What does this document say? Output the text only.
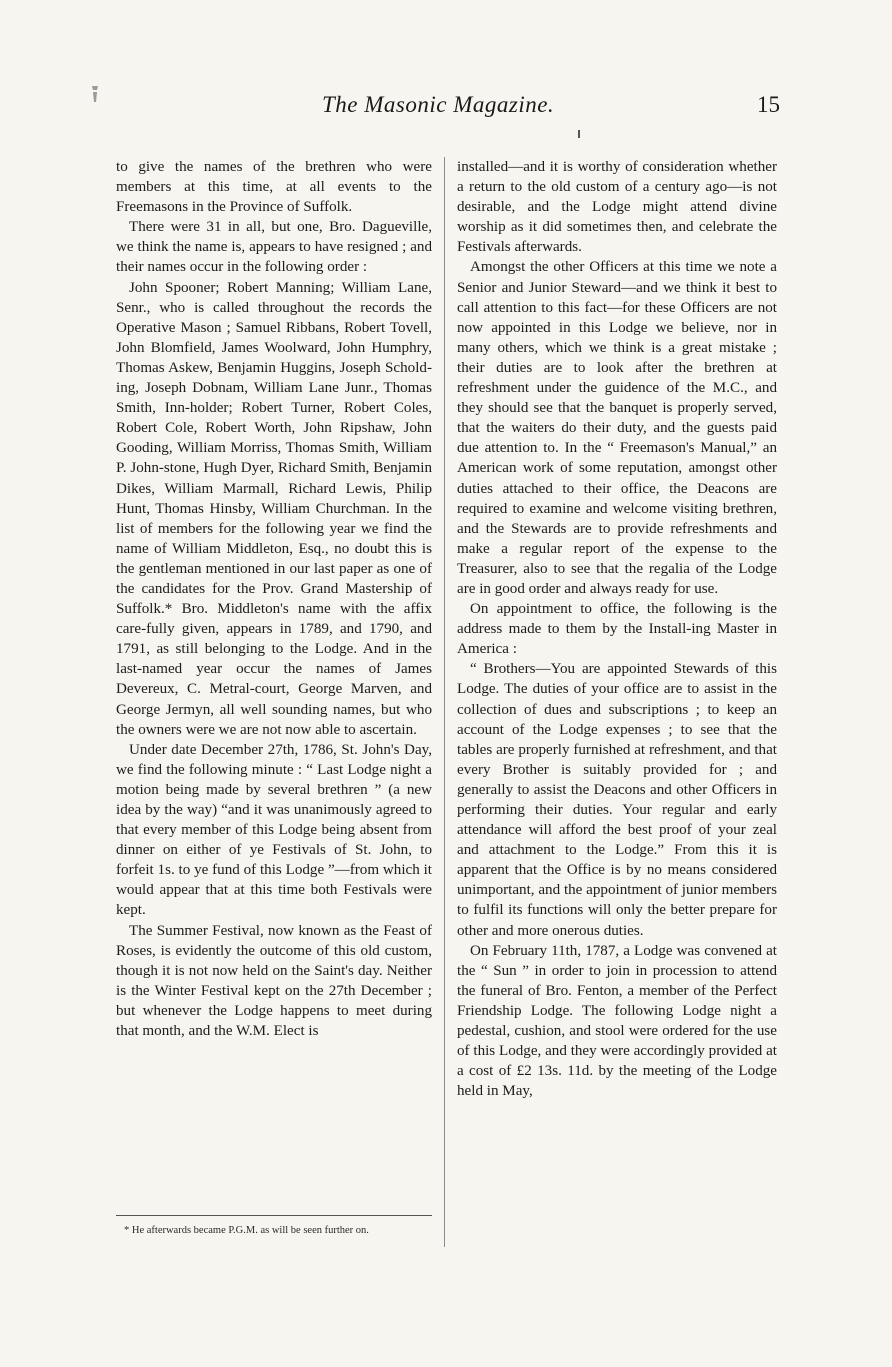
The Masonic Magazine.	15

to give the names of the brethren who were members at this time, at all events to the Freemasons in the Province of Suffolk.

There were 31 in all, but one, Bro. Dagueville, we think the name is, appears to have resigned ; and their names occur in the following order :

John Spooner; Robert Manning; William Lane, Senr., who is called throughout the records the Operative Mason ; Samuel Ribbans, Robert Tovell, John Blomfield, James Woolward, John Humphry, Thomas Askew, Benjamin Huggins, Joseph Schold-ing, Joseph Dobnam, William Lane Junr., Thomas Smith, Inn-holder; Robert Turner, Robert Coles, Robert Cole, Robert Worth, John Ripshaw, John Gooding, William Morriss, Thomas Smith, William P. John-stone, Hugh Dyer, Richard Smith, Benjamin Dikes, William Marmall, Richard Lewis, Philip Hunt, Thomas Hinsby, William Churchman. In the list of members for the following year we find the name of William Middleton, Esq., no doubt this is the gentleman mentioned in our last paper as one of the candidates for the Prov. Grand Mastership of Suffolk.* Bro. Middleton's name with the affix care-fully given, appears in 1789, and 1790, and 1791, as still belonging to the Lodge. And in the last-named year occur the names of James Devereux, C. Metral-court, George Marven, and George Jermyn, all well sounding names, but who the owners were we are not now able to ascertain.

Under date December 27th, 1786, St. John's Day, we find the following minute : “ Last Lodge night a motion being made by several brethren ” (a new idea by the way) “and it was unanimously agreed to that every member of this Lodge being absent from dinner on either of ye Festivals of St. John, to forfeit 1s. to ye fund of this Lodge ”—from which it would appear that at this time both Festivals were kept.

The Summer Festival, now known as the Feast of Roses, is evidently the outcome of this old custom, though it is not now held on the Saint's day. Neither is the Winter Festival kept on the 27th December ; but whenever the Lodge happens to meet during that month, and the W.M. Elect is

installed—and it is worthy of consideration whether a return to the old custom of a century ago—is not desirable, and the Lodge might attend divine worship as it did sometimes then, and celebrate the Festivals afterwards.

Amongst the other Officers at this time we note a Senior and Junior Steward—and we think it best to call attention to this fact—for these Officers are not now appointed in this Lodge we believe, nor in many others, which we think is a great mistake ; their duties are to look after the brethren at refreshment under the guidence of the M.C., and they should see that the banquet is properly served, that the waiters do their duty, and the guests paid due attention to. In the “ Freemason's Manual,” an American work of some reputation, amongst other duties attached to their office, the Deacons are required to examine and welcome visiting brethren, and the Stewards are to provide refreshments and make a regular report of the expense to the Treasurer, also to see that the regalia of the Lodge are in good order and always ready for use.

On appointment to office, the following is the address made to them by the Install-ing Master in America :

“ Brothers—You are appointed Stewards of this Lodge. The duties of your office are to assist in the collection of dues and subscriptions ; to keep an account of the Lodge expenses ; to see that the tables are properly furnished at refreshment, and that every Brother is suitably provided for ; and generally to assist the Deacons and other Officers in performing their duties. Your regular and early attendance will afford the best proof of your zeal and attachment to the Lodge.” From this it is apparent that the Office is by no means considered unimportant, and the appointment of junior members to fulfil its functions will only the better prepare for other and more onerous duties.

On February 11th, 1787, a Lodge was convened at the “ Sun ” in order to join in procession to attend the funeral of Bro. Fenton, a member of the Perfect Friendship Lodge. The following Lodge night a pedestal, cushion, and stool were ordered for the use of this Lodge, and they were accordingly provided at a cost of £2 13s. 11d. by the meeting of the Lodge held in May,

* He afterwards became P.G.M. as will be seen further on.
